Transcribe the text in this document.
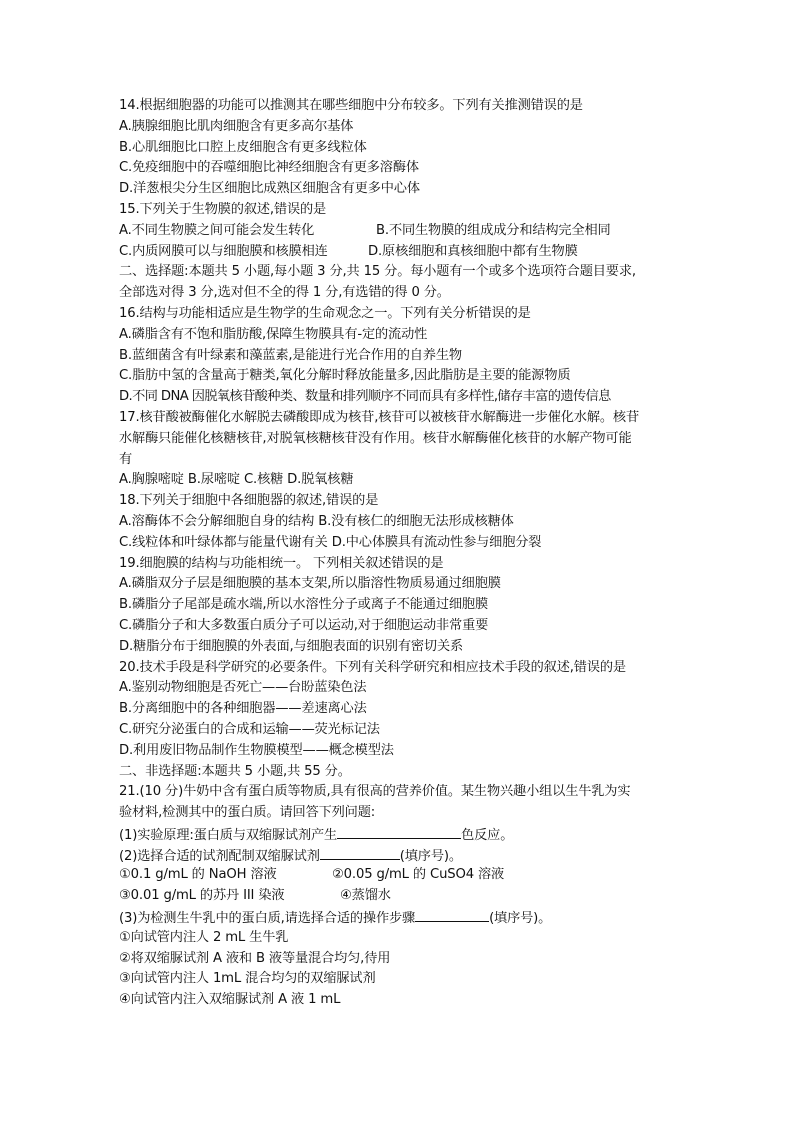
14.根据细胞器的功能可以推测其在哪些细胞中分布较多。下列有关推测错误的是
A.胰腺细胞比肌肉细胞含有更多高尔基体
B.心肌细胞比口腔上皮细胞含有更多线粒体
C.免疫细胞中的吞噬细胞比神经细胞含有更多溶酶体
D.洋葱根尖分生区细胞比成熟区细胞含有更多中心体
15.下列关于生物膜的叙述,错误的是
A.不同生物膜之间可能会发生转化	B.不同生物膜的组成成分和结构完全相同
C.内质网膜可以与细胞膜和核膜相连	D.原核细胞和真核细胞中都有生物膜
二、选择题:本题共 5 小题,每小题 3 分,共 15 分。每小题有一个或多个选项符合题目要求,
全部选对得 3 分,选对但不全的得 1 分,有选错的得 0 分。
16.结构与功能相适应是生物学的生命观念之一。下列有关分析错误的是
A.磷脂含有不饱和脂肪酸,保障生物膜具有-定的流动性
B.蓝细菌含有叶绿素和藻蓝素,是能进行光合作用的自养生物
C.脂肪中氢的含量高于糖类,氧化分解时释放能量多,因此脂肪是主要的能源物质
D.不同 DNA 因脱氧核苷酸种类、数量和排列顺序不同而具有多样性,储存丰富的遗传信息
17.核苷酸被酶催化水解脱去磷酸即成为核苷,核苷可以被核苷水解酶进一步催化水解。核苷
水解酶只能催化核糖核苷,对脱氧核糖核苷没有作用。核苷水解酶催化核苷的水解产物可能
有
A.胸腺嘧啶 B.尿嘧啶 C.核糖 D.脱氧核糖
18.下列关于细胞中各细胞器的叙述,错误的是
A.溶酶体不会分解细胞自身的结构 B.没有核仁的细胞无法形成核糖体
C.线粒体和叶绿体都与能量代谢有关 D.中心体膜具有流动性参与细胞分裂
19.细胞膜的结构与功能相统一。 下列相关叙述错误的是
A.磷脂双分子层是细胞膜的基本支架,所以脂溶性物质易通过细胞膜
B.磷脂分子尾部是疏水端,所以水溶性分子或离子不能通过细胞膜
C.磷脂分子和大多数蛋白质分子可以运动,对于细胞运动非常重要
D.糖脂分布于细胞膜的外表面,与细胞表面的识别有密切关系
20.技术手段是科学研究的必要条件。下列有关科学研究和相应技术手段的叙述,错误的是
A.鉴别动物细胞是否死亡——台盼蓝染色法
B.分离细胞中的各种细胞器——差速离心法
C.研究分泌蛋白的合成和运输——荧光标记法
D.利用废旧物品制作生物膜模型——概念模型法
二、非选择题:本题共 5 小题,共 55 分。
21.(10 分)牛奶中含有蛋白质等物质,具有很高的营养价值。某生物兴趣小组以生牛乳为实
验材料,检测其中的蛋白质。请回答下列问题:
(1)实验原理:蛋白质与双缩脲试剂产生	色反应。
(2)选择合适的试剂配制双缩脲试剂	(填序号)。
①0.1 g/mL 的 NaOH 溶液	②0.05 g/mL 的 CuSO4 溶液
③0.01 g/mL 的苏丹 III 染液	④蒸馏水
(3)为检测生牛乳中的蛋白质,请选择合适的操作步骤	(填序号)。
①向试管内注人 2 mL 生牛乳
②将双缩脲试剂 A 液和 B 液等量混合均匀,待用
③向试管内注人 1mL 混合均匀的双缩脲试剂
④向试管内注入双缩脲试剂 A 液 1 mL
